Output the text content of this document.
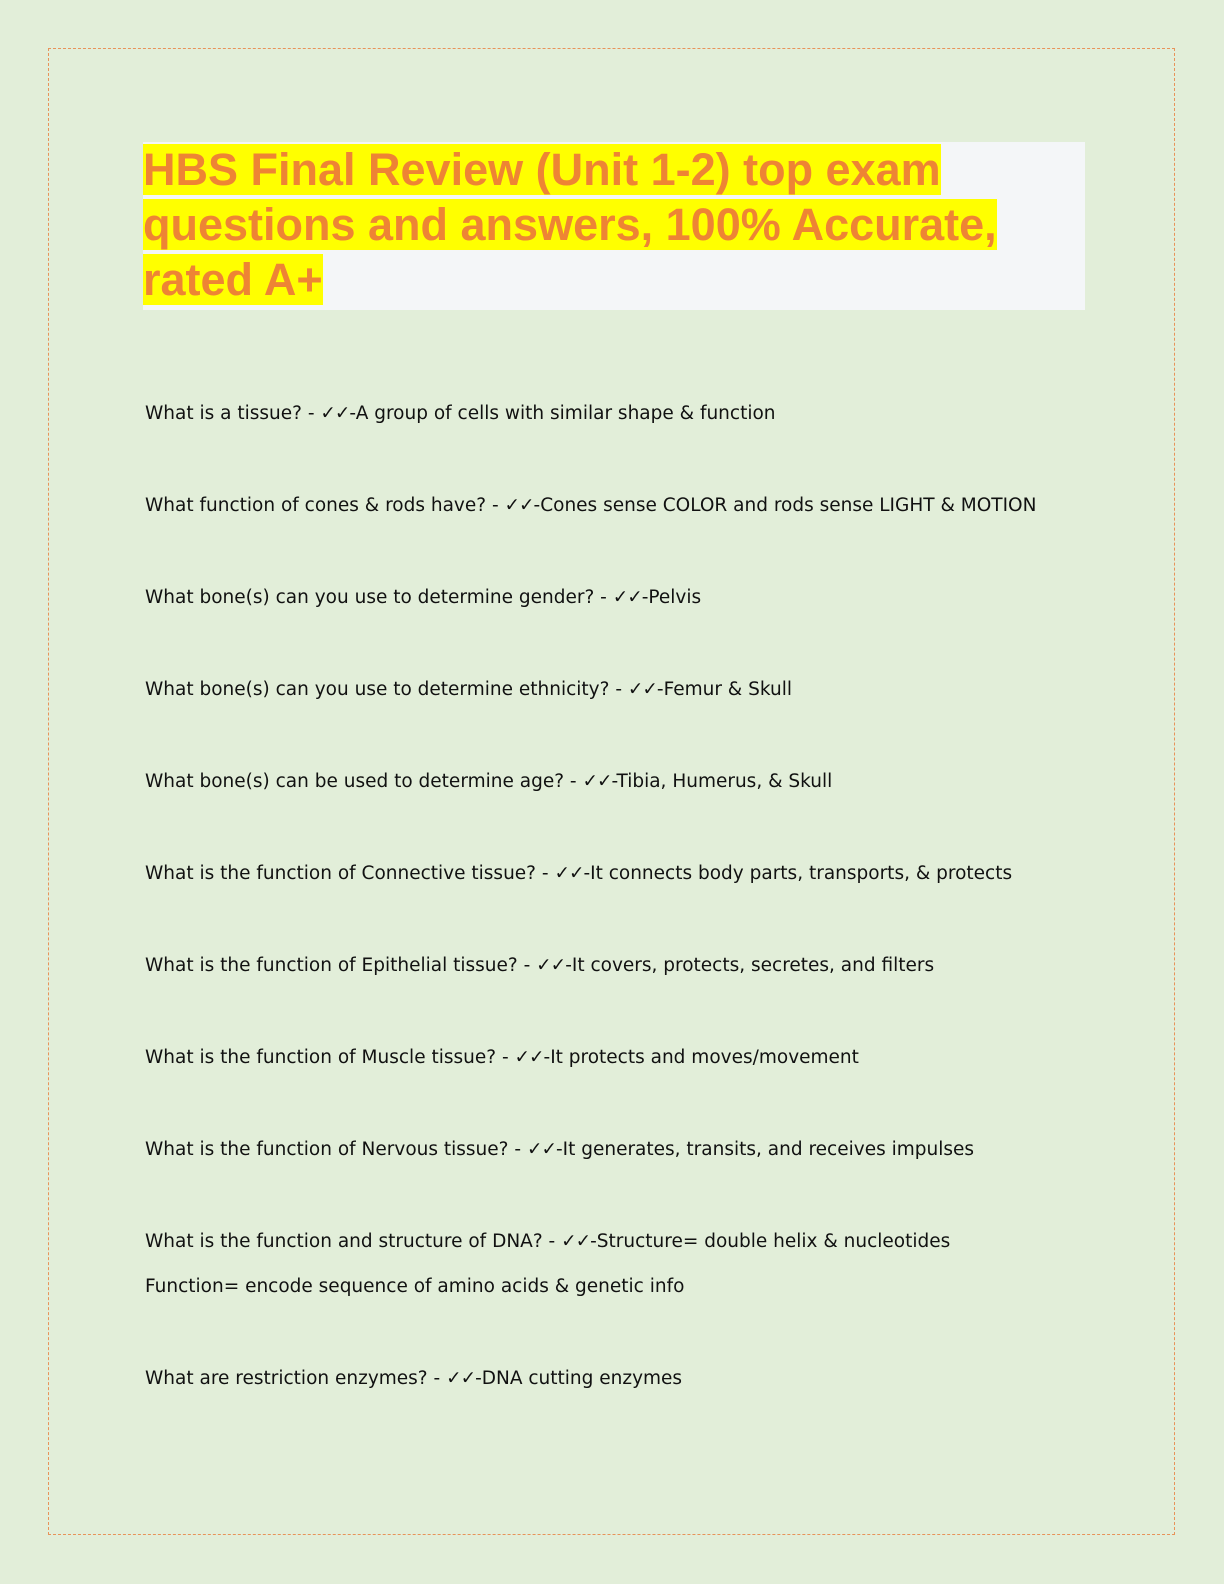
HBS Final Review (Unit 1-2) top exam questions and answers, 100% Accurate, rated A+
What is a tissue? - ✓✓-A group of cells with similar shape & function
What function of cones & rods have? - ✓✓-Cones sense COLOR and rods sense LIGHT & MOTION
What bone(s) can you use to determine gender? - ✓✓-Pelvis
What bone(s) can you use to determine ethnicity? - ✓✓-Femur & Skull
What bone(s) can be used to determine age? - ✓✓-Tibia, Humerus, & Skull
What is the function of Connective tissue? - ✓✓-It connects body parts, transports, & protects
What is the function of Epithelial tissue? - ✓✓-It covers, protects, secretes, and filters
What is the function of Muscle tissue? - ✓✓-It protects and moves/movement
What is the function of Nervous tissue? - ✓✓-It generates, transits, and receives impulses
What is the function and structure of DNA? - ✓✓-Structure= double helix & nucleotides
Function= encode sequence of amino acids & genetic info
What are restriction enzymes? - ✓✓-DNA cutting enzymes
